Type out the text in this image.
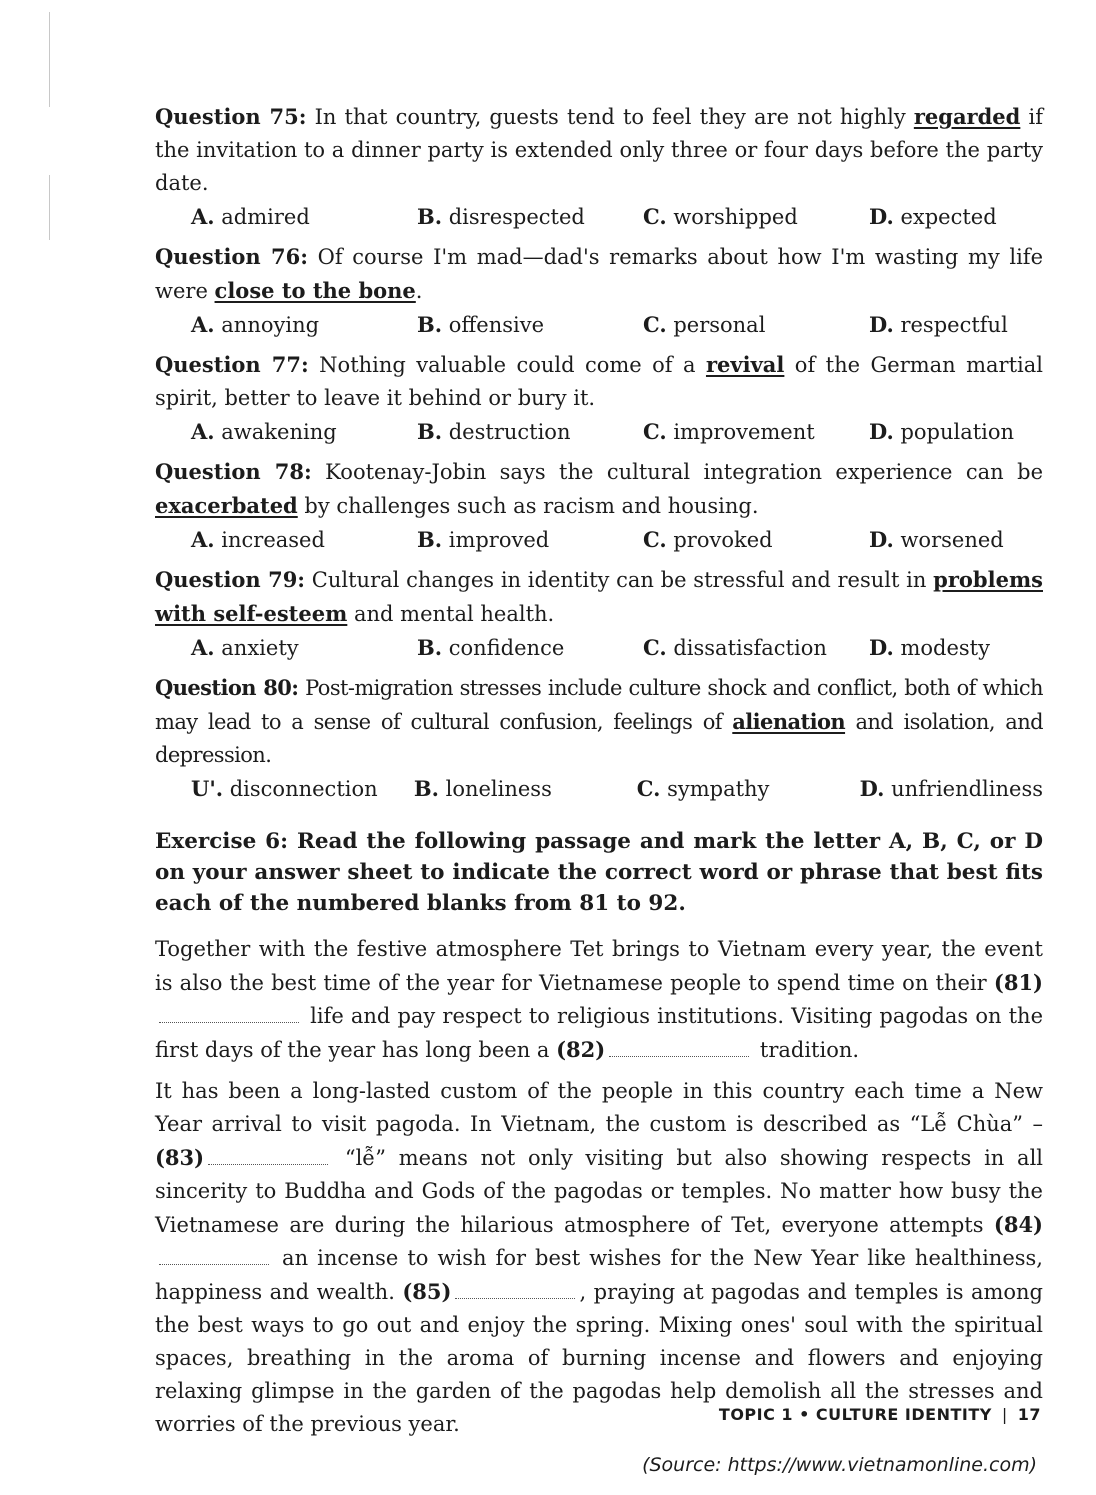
Question 75: In that country, guests tend to feel they are not highly regarded if the invitation to a dinner party is extended only three or four days before the party date.
A. admired	B. disrespected	C. worshipped	D. expected
Question 76: Of course I'm mad—dad's remarks about how I'm wasting my life were close to the bone.
A. annoying	B. offensive	C. personal	D. respectful
Question 77: Nothing valuable could come of a revival of the German martial spirit, better to leave it behind or bury it.
A. awakening	B. destruction	C. improvement	D. population
Question 78: Kootenay-Jobin says the cultural integration experience can be exacerbated by challenges such as racism and housing.
A. increased	B. improved	C. provoked	D. worsened
Question 79: Cultural changes in identity can be stressful and result in problems with self-esteem and mental health.
A. anxiety	B. confidence	C. dissatisfaction	D. modesty
Question 80: Post-migration stresses include culture shock and conflict, both of which may lead to a sense of cultural confusion, feelings of alienation and isolation, and depression.
U'. disconnection	B. loneliness	C. sympathy	D. unfriendliness
Exercise 6: Read the following passage and mark the letter A, B, C, or D on your answer sheet to indicate the correct word or phrase that best fits each of the numbered blanks from 81 to 92.
Together with the festive atmosphere Tet brings to Vietnam every year, the event is also the best time of the year for Vietnamese people to spend time on their (81) life and pay respect to religious institutions. Visiting pagodas on the first days of the year has long been a (82)	tradition.
It has been a long-lasted custom of the people in this country each time a New Year arrival to visit pagoda. In Vietnam, the custom is described as “Lễ Chùa” – (83)	“lễ” means not only visiting but also showing respects in all sincerity to Buddha and Gods of the pagodas or temples. No matter how busy the Vietnamese are during the hilarious atmosphere of Tet, everyone attempts (84) an incense to wish for best wishes for the New Year like healthiness, happiness and wealth. (85)	, praying at pagodas and temples is among the best ways to go out and enjoy the spring. Mixing ones' soul with the spiritual spaces, breathing in the aroma of burning incense and flowers and enjoying relaxing glimpse in the garden of the pagodas help demolish all the stresses and worries of the previous year.
(Source: https://www.vietnamonline.com)
TOPIC 1 • CULTURE IDENTITY | 17
